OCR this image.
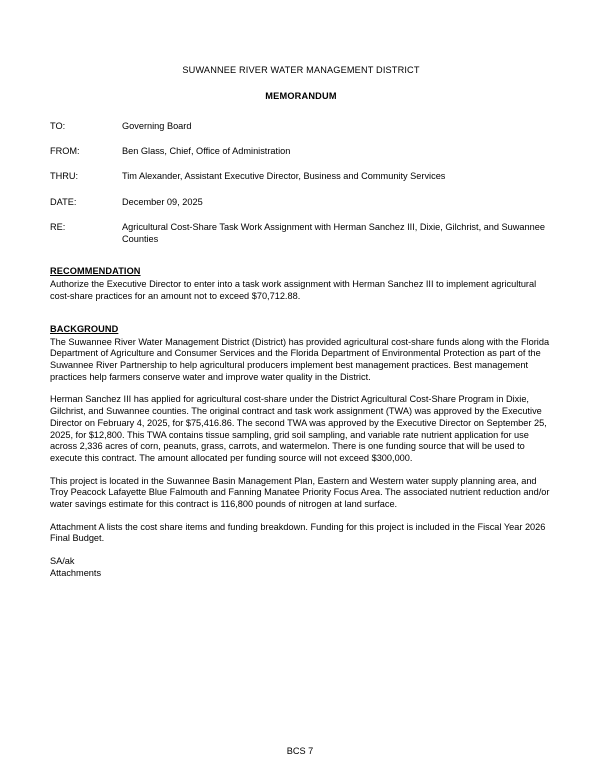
SUWANNEE RIVER WATER MANAGEMENT DISTRICT
MEMORANDUM
TO:	Governing Board
FROM:	Ben Glass, Chief, Office of Administration
THRU:	Tim Alexander, Assistant Executive Director, Business and Community Services
DATE:	December 09, 2025
RE:	Agricultural Cost-Share Task Work Assignment with Herman Sanchez III, Dixie, Gilchrist, and Suwannee Counties
RECOMMENDATION

Authorize the Executive Director to enter into a task work assignment with Herman Sanchez III to implement agricultural cost-share practices for an amount not to exceed $70,712.88.

BACKGROUND

The Suwannee River Water Management District (District) has provided agricultural cost-share funds along with the Florida Department of Agriculture and Consumer Services and the Florida Department of Environmental Protection as part of the Suwannee River Partnership to help agricultural producers implement best management practices. Best management practices help farmers conserve water and improve water quality in the District.

Herman Sanchez III has applied for agricultural cost-share under the District Agricultural Cost-Share Program in Dixie, Gilchrist, and Suwannee counties. The original contract and task work assignment (TWA) was approved by the Executive Director on February 4, 2025, for $75,416.86. The second TWA was approved by the Executive Director on September 25, 2025, for $12,800. This TWA contains tissue sampling, grid soil sampling, and variable rate nutrient application for use across 2,336 acres of corn, peanuts, grass, carrots, and watermelon. There is one funding source that will be used to execute this contract. The amount allocated per funding source will not exceed $300,000.

This project is located in the Suwannee Basin Management Plan, Eastern and Western water supply planning area, and Troy Peacock Lafayette Blue Falmouth and Fanning Manatee Priority Focus Area. The associated nutrient reduction and/or water savings estimate for this contract is 116,800 pounds of nitrogen at land surface.

Attachment A lists the cost share items and funding breakdown. Funding for this project is included in the Fiscal Year 2026 Final Budget.

SA/ak
Attachments
BCS 7
